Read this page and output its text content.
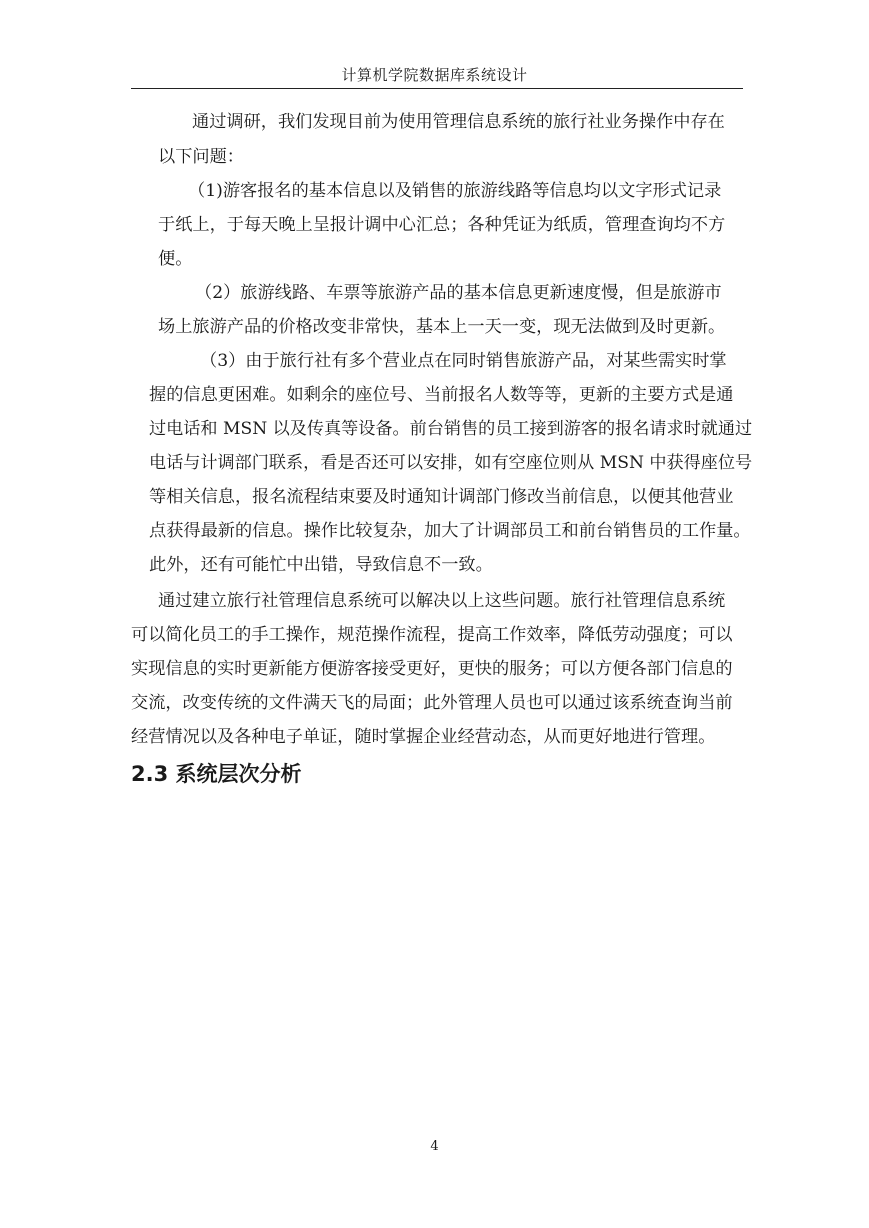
计算机学院数据库系统设计
通过调研，我们发现目前为使用管理信息系统的旅行社业务操作中存在
以下问题：
（1)游客报名的基本信息以及销售的旅游线路等信息均以文字形式记录
于纸上，于每天晚上呈报计调中心汇总；各种凭证为纸质，管理查询均不方
便。
（2）旅游线路、车票等旅游产品的基本信息更新速度慢，但是旅游市
场上旅游产品的价格改变非常快，基本上一天一变，现无法做到及时更新。
（3）由于旅行社有多个营业点在同时销售旅游产品，对某些需实时掌
握的信息更困难。如剩余的座位号、当前报名人数等等，更新的主要方式是通
过电话和 MSN 以及传真等设备。前台销售的员工接到游客的报名请求时就通过
电话与计调部门联系，看是否还可以安排，如有空座位则从 MSN 中获得座位号
等相关信息，报名流程结束要及时通知计调部门修改当前信息，以便其他营业
点获得最新的信息。操作比较复杂，加大了计调部员工和前台销售员的工作量。
此外，还有可能忙中出错，导致信息不一致。
通过建立旅行社管理信息系统可以解决以上这些问题。旅行社管理信息系统
可以简化员工的手工操作，规范操作流程，提高工作效率，降低劳动强度；可以
实现信息的实时更新能方便游客接受更好，更快的服务；可以方便各部门信息的
交流，改变传统的文件满天飞的局面；此外管理人员也可以通过该系统查询当前
经营情况以及各种电子单证，随时掌握企业经营动态，从而更好地进行管理。
2.3 系统层次分析
4
